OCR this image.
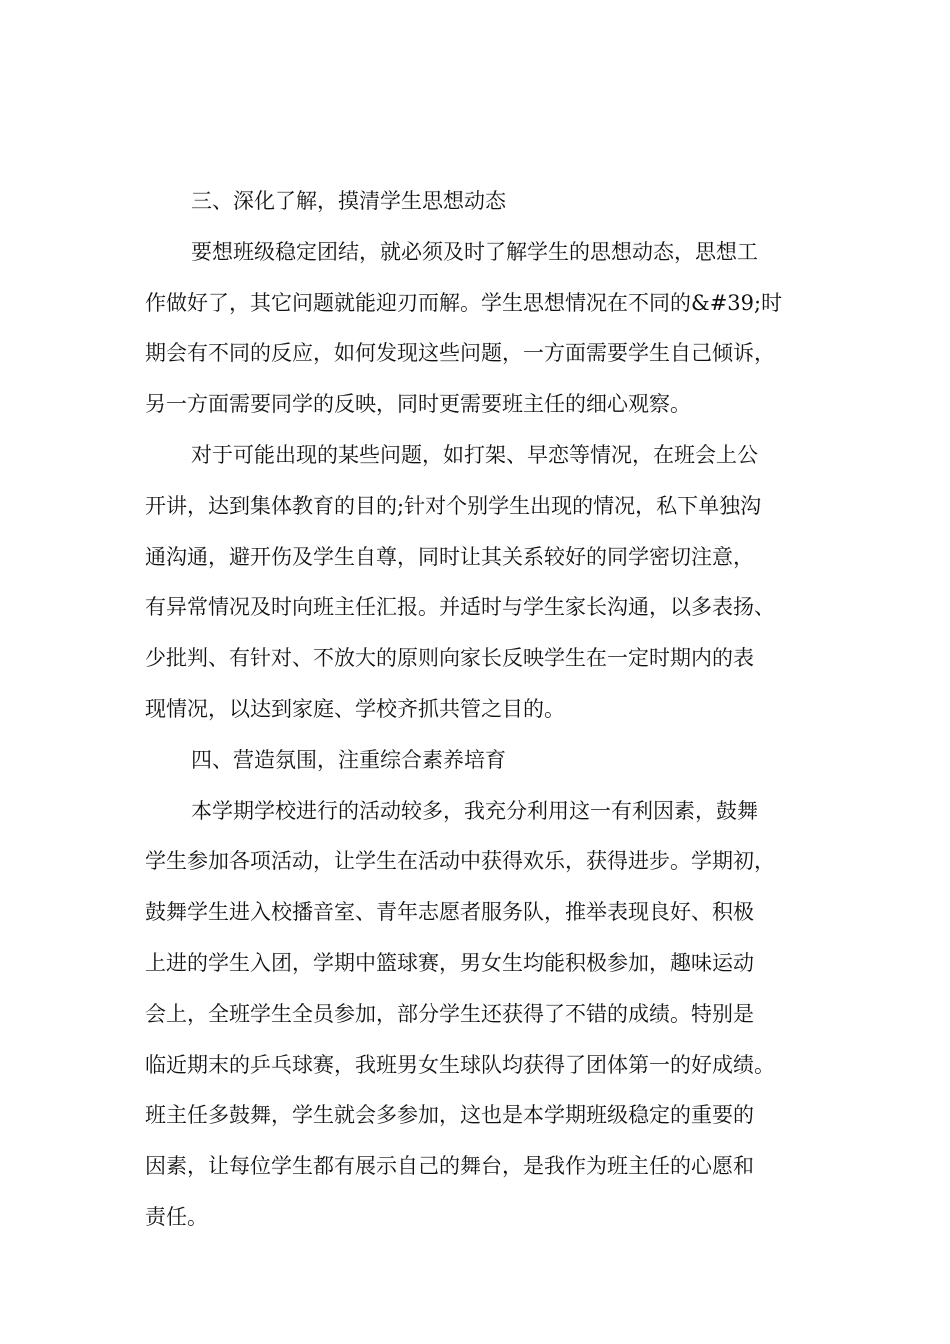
三、深化了解，摸清学生思想动态
要想班级稳定团结，就必须及时了解学生的思想动态，思想工
作做好了，其它问题就能迎刃而解。学生思想情况在不同的&#39;时
期会有不同的反应，如何发现这些问题，一方面需要学生自己倾诉，
另一方面需要同学的反映，同时更需要班主任的细心观察。
对于可能出现的某些问题，如打架、早恋等情况，在班会上公
开讲，达到集体教育的目的;针对个别学生出现的情况，私下单独沟
通沟通，避开伤及学生自尊，同时让其关系较好的同学密切注意，
有异常情况及时向班主任汇报。并适时与学生家长沟通，以多表扬、
少批判、有针对、不放大的原则向家长反映学生在一定时期内的表
现情况，以达到家庭、学校齐抓共管之目的。
四、营造氛围，注重综合素养培育
本学期学校进行的活动较多，我充分利用这一有利因素，鼓舞
学生参加各项活动，让学生在活动中获得欢乐，获得进步。学期初，
鼓舞学生进入校播音室、青年志愿者服务队，推举表现良好、积极
上进的学生入团，学期中篮球赛，男女生均能积极参加，趣味运动
会上，全班学生全员参加，部分学生还获得了不错的成绩。特别是
临近期末的乒乓球赛，我班男女生球队均获得了团体第一的好成绩。
班主任多鼓舞，学生就会多参加，这也是本学期班级稳定的重要的
因素，让每位学生都有展示自己的舞台，是我作为班主任的心愿和
责任。
